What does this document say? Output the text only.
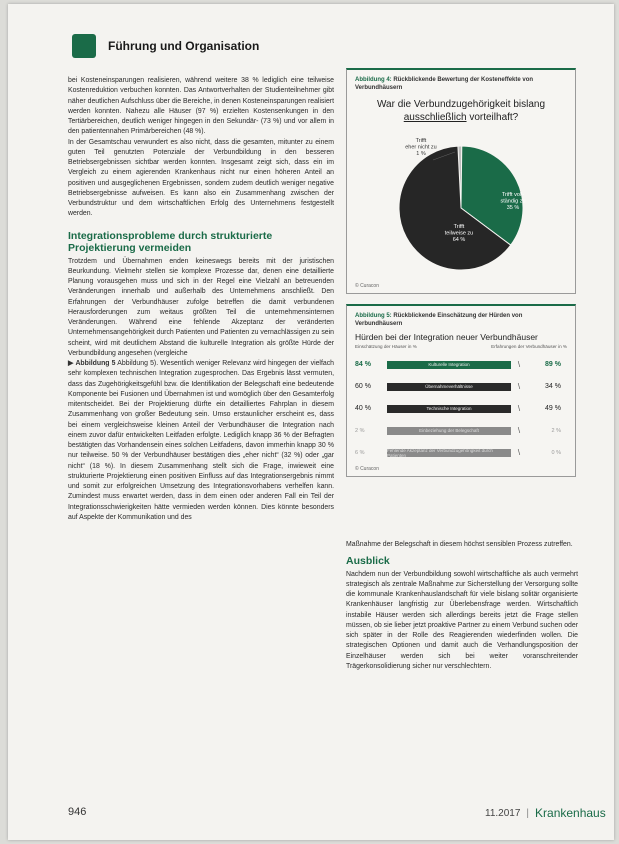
Führung und Organisation

bei Kosteneinsparungen realisieren, während weitere 38 % lediglich eine teilweise Kostenreduktion verbuchen konnten. Das Antwortverhalten der Studienteilnehmer gibt näher deutlichen Aufschluss über die Bereiche, in denen Kosteneinsparungen realisiert werden konnten. Nahezu alle Häuser (97 %) erzielten Kostensenkungen in den Tertiärbereichen, deutlich weniger hingegen in den Sekundär- (73 %) und vor allem in den patientennahen Primärbereichen (48 %).

In der Gesamtschau verwundert es also nicht, dass die gesamten, mitunter zu einem guten Teil genutzten Potenziale der Verbundbildung in den besseren Betriebsergebnissen sichtbar werden konnten. Insgesamt zeigt sich, dass ein im Vergleich zu einem agierenden Krankenhaus nicht nur einen höheren Anteil an positiven und ausgeglichenen Ergebnissen, sondern zudem deutlich weniger negative Betriebsergebnisse aufweisen. Es kann also ein Zusammenhang zwischen der Verbundstruktur und dem wirtschaftlichen Erfolg des Unternehmens festgestellt werden.

Integrationsprobleme durch strukturierte Projektierung vermeiden

Trotzdem und Übernahmen enden keineswegs bereits mit der juristischen Beurkundung. Vielmehr stellen sie komplexe Prozesse dar, denen eine detaillierte Planung vorausgehen muss und sich in der Regel eine Vielzahl an betreuenden Veränderungen innerhalb und außerhalb des Unternehmens anschließt. Den Erfahrungen der Verbundhäuser zufolge betreffen die damit verbundenen Herausforderungen zum weitaus größten Teil die unternehmensinternen Veränderungen. Während eine fehlende Akzeptanz der veränderten Unternehmensangehörigkeit durch Patienten und Patienten zu vernachlässigen zu sein scheint, wird mit deutlichem Abstand die kulturelle Integration als größte Hürde der Verbundbildung angesehen (vergleiche

▶ Abbildung 5 Abbildung 5). Wesentlich weniger Relevanz wird hingegen der vielfach sehr komplexen technischen Integration zugesprochen. Das Ergebnis lässt vermuten, dass das Zugehörigkeitsgefühl bzw. die Identifikation der Belegschaft eine bedeutende Komponente bei Fusionen und Übernahmen ist und womöglich über den Gesamterfolg mitentscheidet. Bei der Projektierung dürfte ein detailliertes Fahrplan in diesem Zusammenhang von großer Bedeutung sein. Umso erstaunlicher erscheint es, dass bei einem vergleichsweise kleinen Anteil der Verbundhäuser die Integration nach einem zuvor dafür entwickelten Leitfaden erfolgte. Lediglich knapp 36 % der Befragten bestätigten das Vorhandensein eines solchen Leitfadens, davon immerhin knapp 30 % nur teilweise. 50 % der Verbundhäuser bestätigen dies „eher nicht“ (32 %) oder „gar nicht“ (18 %). In diesem Zusammenhang stellt sich die Frage, inwieweit eine strukturierte Projektierung einen positiven Einfluss auf das Integrationsergebnis nimmt und somit zur erfolgreichen Umsetzung des Integrationsvorhabens verhelfen kann. Zumindest muss erwartet werden, dass in dem einen oder anderen Fall ein Teil der Integrationsschwierigkeiten hätte vermieden werden können. Dies könnte besonders auf Aspekte der Kommunikation und des

Abbildung 4: Rückblickende Bewertung der Kosteneffekte von Verbundhäusern
War die Verbundzugehörigkeit bislang
ausschließlich vorteilhaft?
Trifft eher nicht zu 1 %
Trifft voll-ständig zu 35 %
Trifft teilweise zu 64 %
© Curacon
Abbildung 5: Rückblickende Einschätzung der Hürden von Verbundhäusern
Hürden bei der Integration neuer Verbundhäuser
Einschätzung der Häuser in %	Erfahrungen der Verbundhäuser in %
84 %	Kulturelle Integration	\	89 %
60 %	Übernahmeverhältnisse	\	34 %
40 %	Technische Integration	\	49 %
2 %	Einbeziehung der Belegschaft	\	2 %
6 %	Fehlende Akzeptanz der Verbundzugehörigkeit durch Patienten	\	0 %
© Curacon

Maßnahme der Belegschaft in diesem höchst sensiblen Prozess zutreffen.

Ausblick

Nachdem nun der Verbundbildung sowohl wirtschaftliche als auch vermehrt strategisch als zentrale Maßnahme zur Sicherstellung der Versorgung sollte die kommunale Krankenhauslandschaft für viele bislang solitär organisierte Krankenhäuser langfristig zur Überlebensfrage werden. Wirtschaftlich instabile Häuser werden sich allerdings bereits jetzt die Frage stellen müssen, ob sie lieber jetzt proaktive Partner zu einem Verbund suchen oder sich später in der Rolle des Reagierenden wiederfinden wollen. Die strategischen Optionen und damit auch die Verhandlungsposition der Einzelhäuser werden sich bei weiter voranschreitender Trägerkonsolidierung sicher nur verschlechtern.

946	11.2017 | Krankenhaus
